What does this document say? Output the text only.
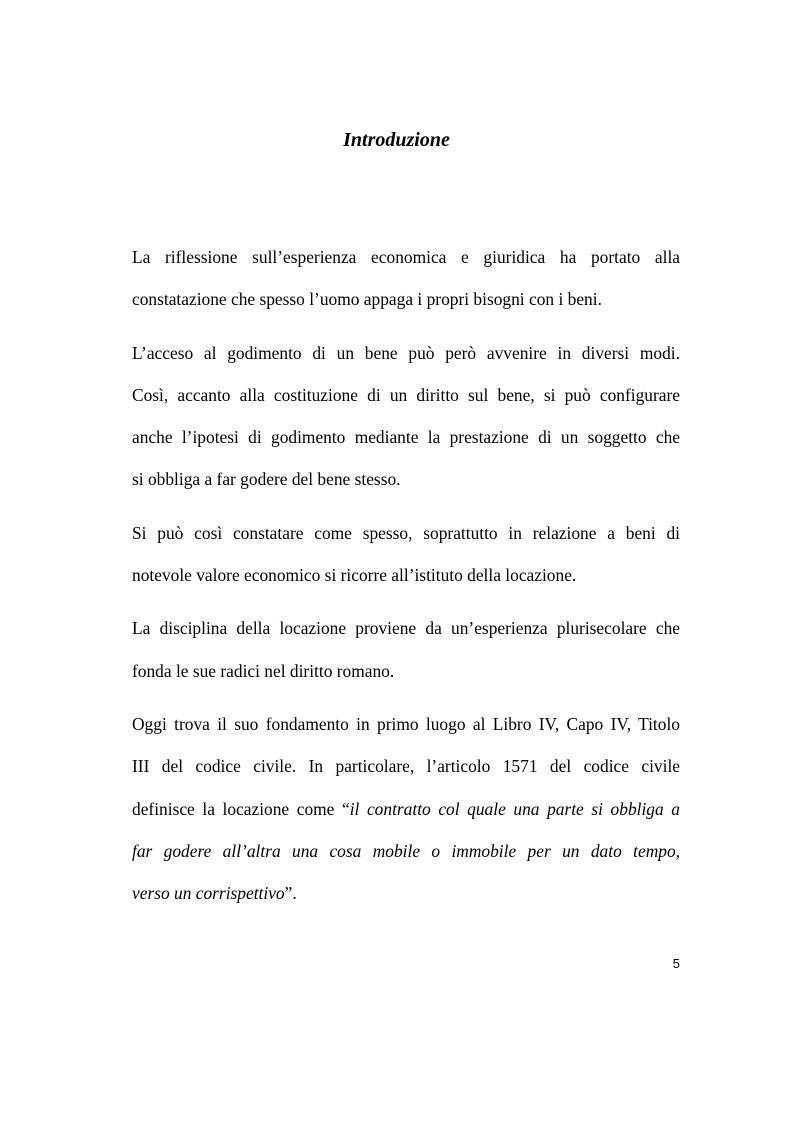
Introduzione

La riflessione sull’esperienza economica e giuridica ha portato alla
constatazione che spesso l’uomo appaga i propri bisogni con i beni.

L’acceso al godimento di un bene può però avvenire in diversi modi.
Così, accanto alla costituzione di un diritto sul bene, si può configurare
anche l’ipotesi di godimento mediante la prestazione di un soggetto che
si obbliga a far godere del bene stesso.

Si può così constatare come spesso, soprattutto in relazione a beni di
notevole valore economico si ricorre all’istituto della locazione.

La disciplina della locazione proviene da un’esperienza plurisecolare che
fonda le sue radici nel diritto romano.

Oggi trova il suo fondamento in primo luogo al Libro IV, Capo IV, Titolo
III del codice civile. In particolare, l’articolo 1571 del codice civile
definisce la locazione come “il contratto col quale una parte si obbliga a
far godere all’altra una cosa mobile o immobile per un dato tempo,
verso un corrispettivo”.

5
